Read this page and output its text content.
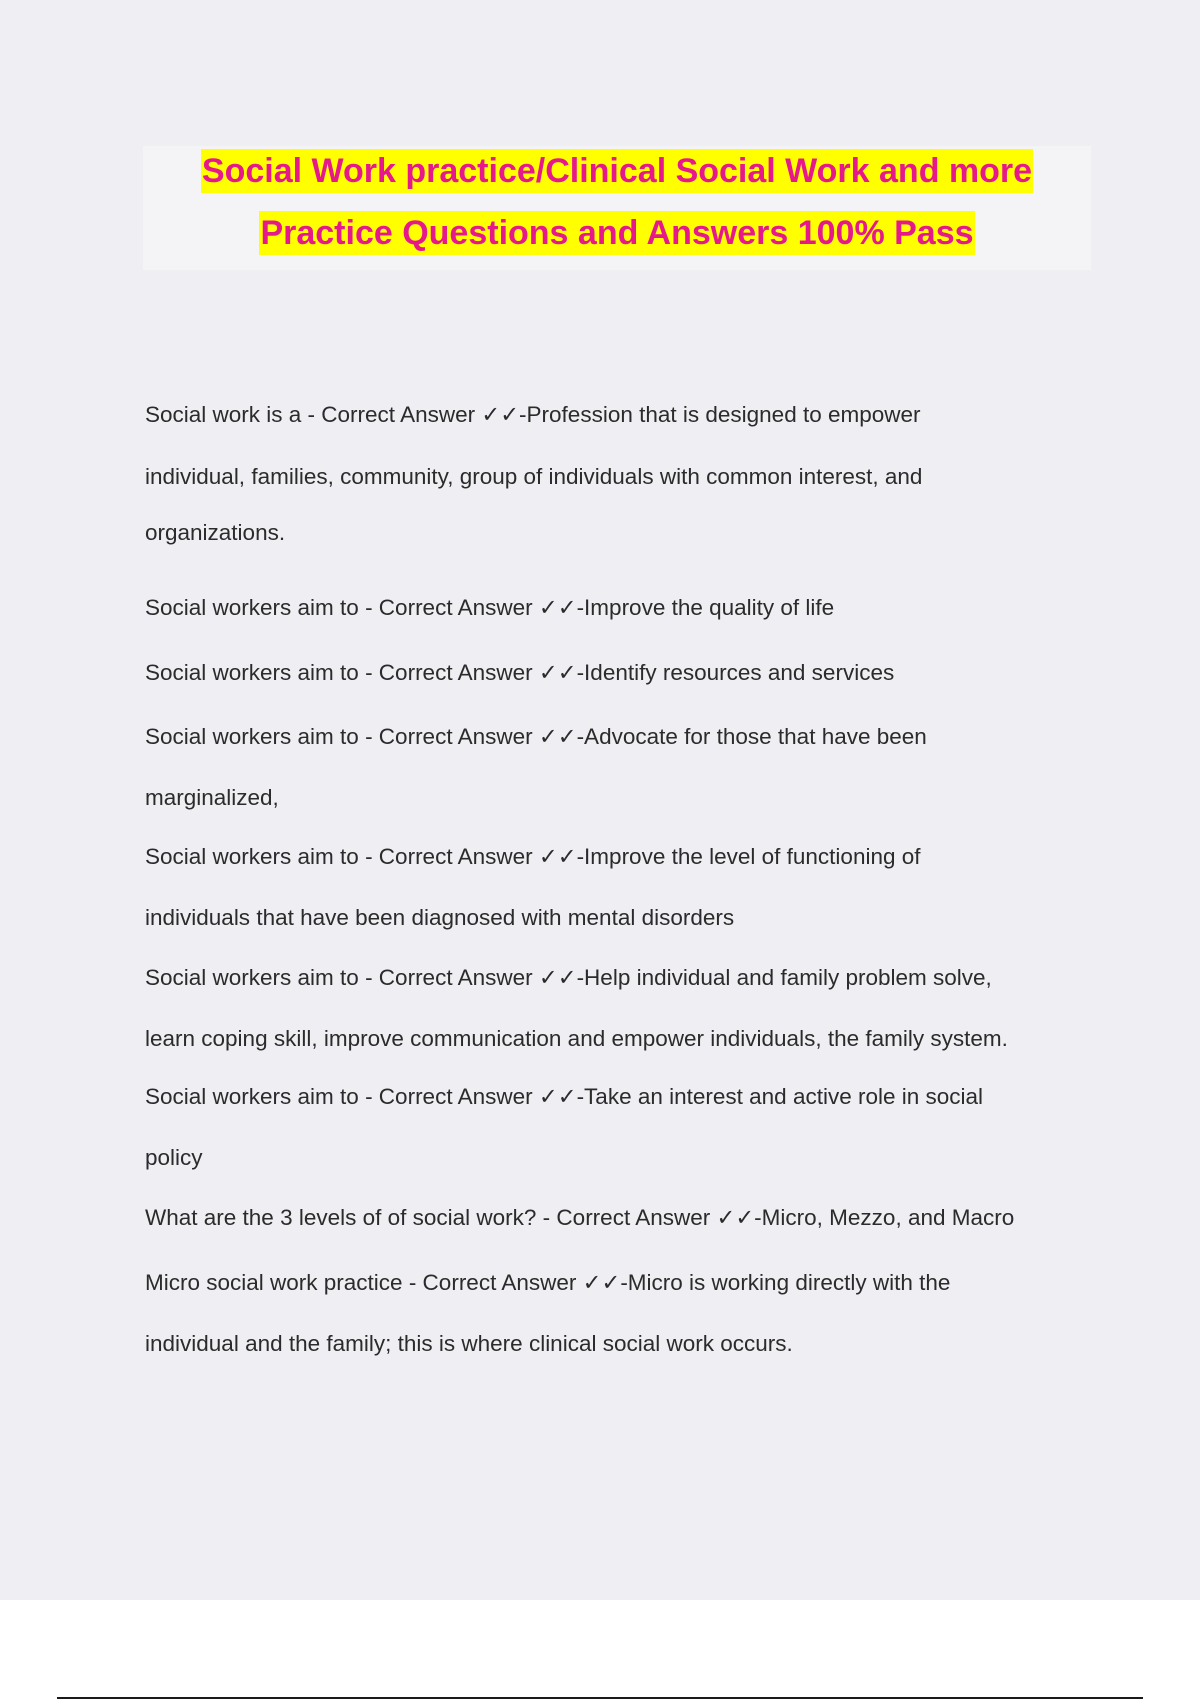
Social Work practice/Clinical Social Work and more
Practice Questions and Answers 100% Pass
Social work is a - Correct Answer ✓✓-Profession that is designed to empower
individual, families, community, group of individuals with common interest, and
organizations.
Social workers aim to - Correct Answer ✓✓-Improve the quality of life
Social workers aim to - Correct Answer ✓✓-Identify resources and services
Social workers aim to - Correct Answer ✓✓-Advocate for those that have been
marginalized,
Social workers aim to - Correct Answer ✓✓-Improve the level of functioning of
individuals that have been diagnosed with mental disorders
Social workers aim to - Correct Answer ✓✓-Help individual and family problem solve,
learn coping skill, improve communication and empower individuals, the family system.
Social workers aim to - Correct Answer ✓✓-Take an interest and active role in social
policy
What are the 3 levels of of social work? - Correct Answer ✓✓-Micro, Mezzo, and Macro
Micro social work practice - Correct Answer ✓✓-Micro is working directly with the
individual and the family; this is where clinical social work occurs.
